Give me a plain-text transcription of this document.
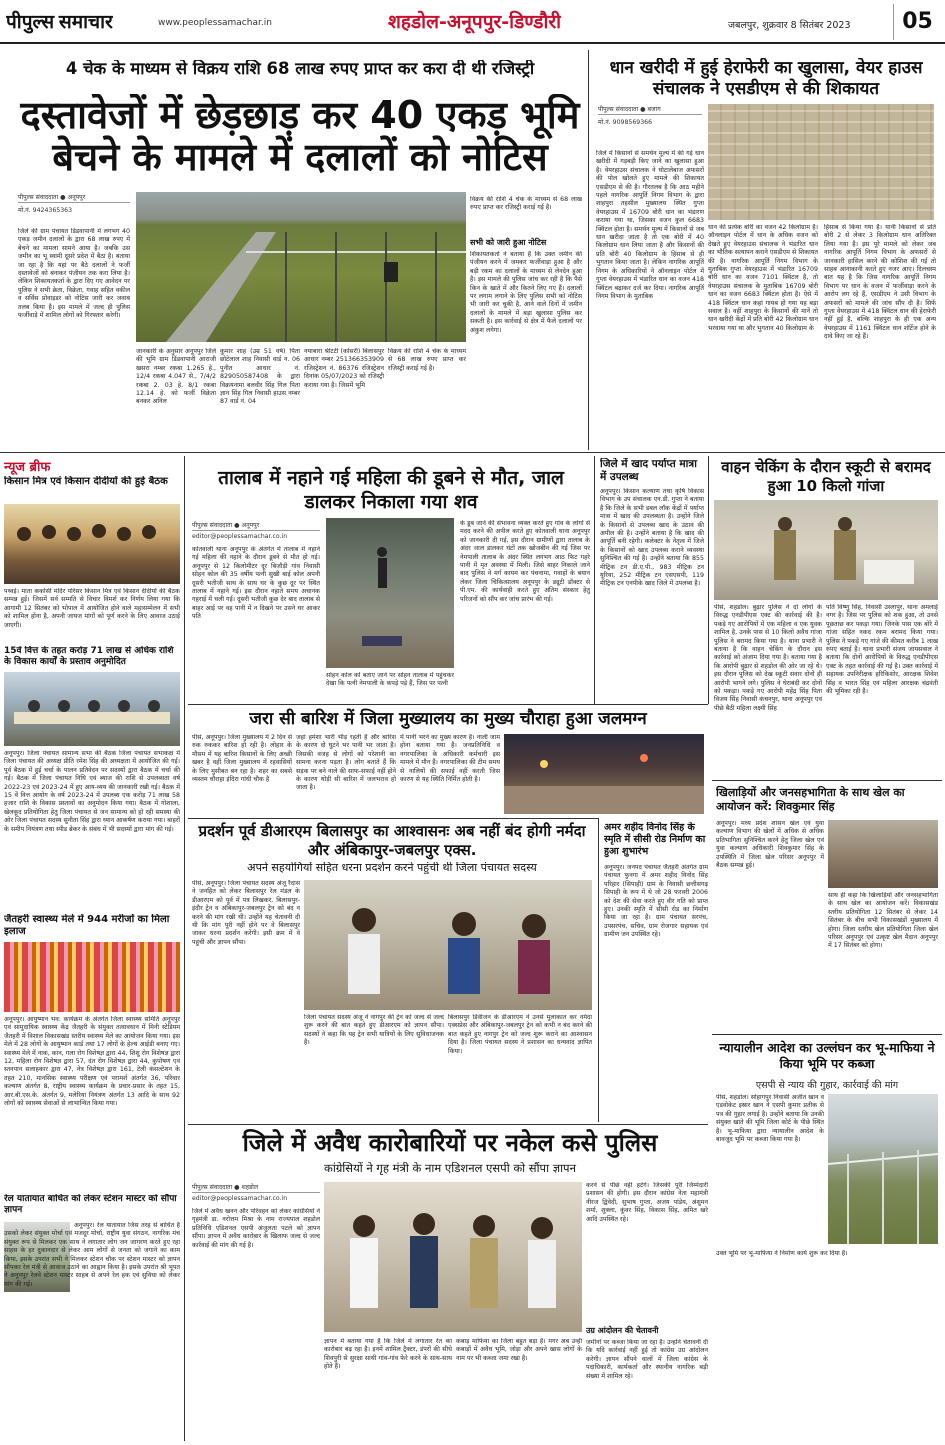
पीपुल्स समाचार	www.peoplessamachar.in	शहडोल-अनूपपुर-डिण्डौरी	जबलपुर, शुक्रवार 8 सितंबर 2023	05
4 चेक के माध्यम से विक्रय राशि 68 लाख रुपए प्राप्त कर करा दी थी रजिस्ट्री
दस्तावेजों में छेड़छाड़ कर 40 एकड़ भूमि बेचने के मामले में दलालों को नोटिस
पीपुल्स संवाददाता ● अनूपपुर
मो.नं. 9424365363
जिले की ग्राम पंचायत डिंडवापानी में लगभग 40 एकड़ जमीन दलालों के द्वारा 68 लाख रुपए में बेचने का मामला सामने आया है। जबकि उस जमीन का भू स्वामी दूसरे प्रदेश में बैठा है। बताया जा रहा है कि यहां पर बैठे दलालों ने फर्जी दस्तावेजों को बनाकर पंजीयन तक करा लिया है। लेकिन शिकायतकर्ता के द्वारा दिए गए आवेदन पर पुलिस ने सभी क्रेता, विक्रेता, गवाह सहित वकील व सर्विस प्रोवाइडर को नोटिस जारी कर जवाब तलब किया है। इस मामले में जल्द ही पुलिस फर्जीवाड़े में शामिल लोगों को गिरफ्तार करेगी।
जानकारी के अनुसार अनूपपुर जिले की भूमि ग्राम डिंडवापानी आराजी खसरा नम्बर रकबा 1.265 हे., 12/4 रकबा 4.047 से., 7/4/2 रकबा 2. 03 हे. 8/1 रकबा 12.14 हे. को फर्जी विक्रेता बनकर अनिल
कुमार शाह (उम्र 51 वर्ष) पिता छोटेलाल शाह निवासी वार्ड न. 06 पुनीत आधार नं. 829050587408 के द्वारा विक्रयनामा बलवीर सिंह गिल पिता ज्ञान सिंह गिल निवासी हाउस नम्बर 87 वार्ड नं. 04
नयाबारा श्रीटर्टी (कोसरी) बिलासपुर आधार नम्बर 251366353909 रजिस्ट्रेशन नं. 86376 रजिस्ट्रेशन दिनांक 05/07/2023 को रजिस्ट्री कराया गया है। जिसमें भूमि
विक्रय की राशि 4 चेक के माध्यम से 68 लाख रुपए प्राप्त कर रजिस्ट्री कराई गई है।
विक्रय की राशि 4 चेक के माध्यम से 68 लाख रुपए प्राप्त कर रजिस्ट्री कराई गई है।
सभी को जारी हुआ नोटिस
शिकायतकर्ता ने बताया है कि उक्त जमीन की पंजीयन करने में जमकर फर्जीवाड़ा हुआ है और बड़ी रकम का दलालों के माध्यम से लेनदेन हुआ है। इस मामले की पुलिस जांच कर रही है कि पैसे किन के खाते में और कितने लिए गए हैं। दलालों पर लगाम लगाने के लिए पुलिस सभी को नोटिस भी जारी कर चुकी है, आने वाले दिनों में जमीन दलालों के मामले में बड़ा खुलासा पुलिस कर सकती है। इस कार्रवाई से क्षेत्र में फैले दलालों पर अंकुश लगेगा।
धान खरीदी में हुई हेराफेरी का खुलासा, वेयर हाउस संचालक ने एसडीएम से की शिकायत
पीपुल्स संवाददाता ● बजाग
मो.नं. 9098569366
जिले में किसानों से समर्थन मूल्य में की गई धान खरीदी में गड़बड़ी किए जाने का खुलासा हुआ है। वेयरहाउस संचालक ने घोटालेबाज अफसरों की पोल खोलते हुए मामले की शिकायत एसडीएम से की है। गौरतलब है कि आठ महीने पहले नागरिक आपूर्ति निगम विभाग के द्वारा शाहपुरा तहसील मुख्यालय स्थित गुप्ता वेयरहाउस में 16709 बोरी धान का भंडारण कराया गया था, जिसका वजन कुल 6683 क्विंटल होता है। समर्थन मूल्य में किसानों से जब धान खरीदा जाता है तो एक बोरी में 40 किलोग्राम धान लिया जाता है और किसानों की प्रति बोरी 40 किलोग्राम के हिसाब से ही भुगतान किया जाता है। लेकिन नागरिक आपूर्ति निगम के अधिकारियों ने ऑनलाइन पोर्टल में गुप्ता वेयरहाउस में भंडारित धान का वजन 418 क्विंटल बढ़ाकर दर्ज कर दिया। नागरिक आपूर्ति निगम विभाग के मुताबिक
धान की प्रत्येक बोरी का वजन 42 किलोग्राम है। ऑनलाइन पोर्टल में धान के अधिक वजन को देखते हुए वेयरहाउस संचालक ने भंडारित धान का भौतिक सत्यापन कराने एसडीएम से शिकायत की है। नागरिक आपूर्ति निगम विभाग के मुताबिक गुप्ता वेयरहाउस में भंडारित 16709 बोरी धान का वजन 7101 क्विंटल है, तो वेयरहाउस संचालक के मुताबिक 16709 बोरी धान का वजन 6683 क्विंटल होता है। ऐसे में 418 क्विंटल धान कहां गायब हो गया यह बड़ा सवाल है। वहीं शाहपुरा के किसानों की मानें तो धान खरीदी केंद्रों में प्रति बोरी 42 किलोग्राम धान भरवाया गया था और भुगतान 40 किलोग्राम के
हिसाब से किया गया है। यानी किसानों से प्रति बोरी 2 से लेकर 3 किलोग्राम धान अतिरिक्त लिया गया है। इस पूरे मामले को लेकर जब नागरिक आपूर्ति निगम विभाग के अफसरों से जानकारी हासिल करने की कोशिश की गई तो साहब आनाकानी करते हुए नजर आए। दिलचस्प बात यह है कि जिस नागरिक आपूर्ति निगम विभाग पर धान के वजन में फर्जीवाड़ा करने के आरोप लग रहे हैं, एसडीएम ने उसी विभाग के अफसरों को मामले की जांच सौंप दी है। सिर्फ गुप्ता वेयरहाउस में 418 क्विंटल धान की हेराफेरी नहीं हुई है, बल्कि शाहपुरा के ही एक अन्य वेयरहाउस में 1161 क्विंटल धान शॉर्टेज होने के दावे किए जा रहे हैं।
न्यूज ब्रीफ
किसान मित्र एवं किसान दीदीयों की हुई बैठक
पथ्वई। माता कर्कासी मंदिर परिसर किसान मित्र एवं किसान दीदीयों की बैठक सम्पन्न हुई। जिसमें सर्व सम्मति से विचार विमर्श कर निर्णय लिया गया कि आगामी 12 सितंबर को भोपाल में आयोजित होने वाले महासम्मेलन में सभी को शामिल होना है, अपनी जायज मांगों को पूर्ण करने के लिए आवाज उठाई जाएगी।
15वें वित्त के तहत करोड़ 71 लाख से अधिक राशि के विकास कार्यों के प्रस्ताव अनुमोदित
अनूपपुर। जिला पंचायत सामान्य सभा की बैठक जिला पंचायत सभाकक्ष में जिला पंचायत की अध्यक्ष प्रीति रमेश सिंह की अध्यक्षता में आयोजित की गई। पूर्व बैठक में हुई चर्चा के पालन प्रतिवेदन पर सदस्यों द्वारा बैठक में चर्चा की गई। बैठक में जिला पंचायत निधि एवं ब्याज की राशि से उपलब्धता वर्ष 2022-23 एवं 2023-24 में हुए आय-व्यय की जानकारी रखी गई। बैठक में 15 वें वित्त आयोग के वर्ष 2023-24 में उपलब्ध एक करोड़ 71 लाख 58 हजार राशि के विकास प्रस्तावों का अनुमोदन किया गया। बैठक में गोशाला, खेलकूद प्रतियोगिता हेतु जिला पंचायत से जन सामान्य को हो रही समस्या की ओर जिला पंचायत सदस्य सुनीता सिंह द्वारा ध्यान आकर्षण कराया गया। बाहरों के समीप नियंत्रण तथा स्पीड ब्रेकर के संबंध में भी सदस्यों द्वारा मांग की गई।
जैतहरी स्वास्थ्य मेले में 944 मरीजों का मिला इलाज
अनूपपुर। आयुष्मान भव: कार्यक्रम के अंतर्गत जिला स्वास्थ्य समिति अनूपपुर एवं सामुदायिक स्वास्थ्य केंद्र जैतहरी के संयुक्त तत्वावधान में मिनी स्टेडियम जैतहरी में विशाल विकासखंड स्तरीय स्वास्थ्य मेले का आयोजन किया गया। इस मेले में 28 लोगों के आयुष्मान कार्ड तथा 17 लोगों के हेल्थ आईडी बनाए गए। स्वास्थ्य मेले में नाक, कान, गला रोग विशेषज्ञ द्वारा 44, शिशु रोग विशेषज्ञ द्वारा 12, महिला रोग विशेषज्ञ द्वारा 57, दंत रोग विशेषज्ञ द्वारा 44, कुपोषण एवं स्तनपान सलाहकार द्वारा 47, नेत्र विशेषज्ञ द्वारा 161, टेली कंसल्टेशन के तहत 210, मानसिक स्वास्थ्य परीक्षण एवं परामर्श अंतर्गत 36, परिवार कल्याण अंतर्गत 8, राष्ट्रीय स्वास्थ्य कार्यक्रम के प्रचार-प्रसार के तहत 15, आर.बी.एस.के. अंतर्गत 9, मलेरिया नियंत्रण अंतर्गत 13 आदि के साथ 92 लोगों को स्वास्थ्य सेवाओं से लाभान्वित किया गया।
रेल यातायात बाधित को लेकर स्टेशन मास्टर को सौंपा ज्ञापन
अनूपपुर। रेल यातायात जिस तरह से बाधित है उसको लेकर संयुक्त मोर्चा एवं मजदूर मोर्चा, राष्ट्रीय युवा संगठन, नागरिक मंच संयुक्त रूप से मिलकर एक साथ ने लगातार लोग जन जागरण करते हुए रहा साहस के हर दुकानदार से लेकर आम लोगों से जनता को जगाने का काम किया, इसके उपरांत सभी ने मिलकर स्टेशन चौक पर स्टेशन मास्टर को ज्ञापन सौंपकर रेल मंत्री से आवाज उठाने का आह्वान किया है। इसके उपरांत श्री भूपत ने अनूपपुर रेलवे स्टेशन मास्टर साहब से अपने रेल हक एवं सुविधा को लेकर मांग की गई।
तालाब में नहाने गई महिला की डूबने से मौत, जाल डालकर निकाला गया शव
पीपुल्स संवाददाता ● अनूपपुर
editor@peoplessamachar.co.in
कोतवाली थाना अनूपपुर के अंतर्गत में तालाब में नहाने गई महिला की नहाने के दौरान डूबने से मौत हो गई। अनूपपुर से 12 किलोमीटर दूर बिजौड़ी गांव निवासी सोहन कोल की 35 वर्षीय पत्नी सुखी बाई कोल अपनी दूसरी भतीजी साथ के साथ घर के कुछ दूर पर स्थित तालाब में नहाने गई। इस दौरान नहाते समय अचानक गहराई में चली गई। दूसरी भतीजी कुछ देर बाद तालाब से बाहर आई पर वह पानी में न दिखने पर उसने घर आकर पति
सोहन कोल को बताए जाने पर सोहन तालाब में पहुंचकर देखा कि पत्नी नेमपाली के कपड़े पड़े हैं, जिस पर पत्नी
के डूब जाने की संभावना व्यक्त करते हुए गांव के लोगों से मदद करने की अपील करते हुए कोतवाली थाना अनूपपुर को जानकारी दी गई, इस दौरान ग्रामीणों द्वारा तालाब के अंदर जाल डालकर घंटों तक खोजबीन की गई जिस पर नेमपाली तालाब के अंदर स्थित लगभग आठ फिट गहरे पानी में मृत अवस्था में मिली। जिसे बाहर निकाले जाने बाद पुलिस ने मर्ग कायम कर पंचनामा, गवाहों के बयान लेकर जिला चिकित्सालय अनूपपुर के ड्यूटी डॉक्टर से पी.एम. की कार्यवाही करते हुए अंतिम संस्कार हेतु परिजनों को सौंप कर जांच प्रारंभ की गई।
जिले में खाद पर्याप्त मात्रा में उपलब्ध
अनूपपुर। किसान कल्याण तथा कृषि विकास विभाग के उप संचालक एन.डी. गुप्ता ने बताया है कि जिले के सभी डबल लॉक केंद्रों में पर्याप्त मात्रा में खाद की उपलब्धता है। उन्होंने जिले के किसानों से उपलब्ध खाद के उठाव की अपील की है। उन्होंने बताया है कि खाद की आपूर्ति बनी रहेगी। कलेक्टर के नेतृत्व में जिले के किसानों को खाद उपलब्ध कराने व्यवस्था सुनिश्चित की गई है। उन्होंने बताया कि 855 मीट्रिक टन डी.ए.पी., 983 मीट्रिक टन यूरिया, 252 मीट्रिक टन एसएसपी, 119 मीट्रिक टन एनपीके खाद जिले में उपलब्ध है।
वाहन चेकिंग के दौरान स्कूटी से बरामद हुआ 10 किलो गांजा
पीसं, शहडोल। बुढ़ार पुलिस ने दो लोगों के विरुद्ध एनडीपीएस एक्ट की कार्रवाई की है। पकड़े गए आरोपियों में एक महिला व एक युवक शामिल है, उनके पास से 10 किलो अवैध गांजा पुलिस ने बरामद किया गया है। थाना प्रभारी ने बताया है कि वाहन चेकिंग के दौरान इस कार्रवाई को अंजाम दिया गया है। बताया गया है कि आरोपी बुढ़ार से शहडोल की ओर जा रहे थे। इस दौरान पुलिस को देख स्कूटी सवार दोनों ही आरोपी भागने लगे। पुलिस ने घेराबंदी कर दोनों को पकड़ा। पकड़े गए आरोपी महेंद्र सिंह पिता विजय सिंह निवासी कंचनपुर, थाना अनूपपुर एवं पीछे बैठी महिला लक्ष्मी सिंह
पति विष्णु सिंह, निवासी उस्लापुर, थाना अमलाई नगर है। जिस पर पुलिस को शक हुआ, तो उनसे पूछताछ कर पकड़ा गया। जिनके पास एक बोरे में गांजा सहित नकद रकम बरामद किया गया। पुलिस ने पकड़े गए गांजे की कीमत करीब 1 लाख रुपए बताई है। थाना प्रभारी संजय जायसवाल ने बताया कि दोनों आरोपियों के विरुद्ध एनडीपीएस एक्ट के तहत कार्रवाई की गई है। उक्त कार्रवाई में सहायक उपनिरीक्षक हरिकिशोर, आरक्षक शिवेश सिंह व भारत सिंह एवं महिला आरक्षक चंद्रवंती की भूमिका रही है।
जरा सी बारिश में जिला मुख्यालय का मुख्य चौराहा हुआ जलमग्न
पीसं, अनूपपुर। जिला मुख्यालय में 2 दिन से रुक रुककर बारिश हो रही है। लोहार के मौसम में यह बारिश किसानों के लिए अच्छी खबर है वहीं जिला मुख्यालय में रहवासियों के लिए मुसीबत बन रहा है। शहर का सबसे व्यस्तम चौराहा इंदिरा गांधी चौक है
जहां हमेशा भारी भीड़ रहती है और बारिश के कारण दो घुटने भर पानी भर जाता है। जिसकी वजह से लोगों को परेशानी का सामना करना पड़ता है। लोग बताते हैं कि सड़क पर बने नाले की साफ-सफाई नहीं होने के कारण थोड़ी सी बारिश में जलभराव हो जाता है।
में पानी भरने का मुख्य कारण है। नाली जाम होना बताया गया है। जनप्रतिनिधि व नगरपालिका के अधिकारी कर्मचारी इस मामले में मौन हैं। नगरपालिका की टीम समय से नालियों की सफाई नहीं करती जिस कारण से यह स्थिति निर्मित होती है।
प्रदर्शन पूर्व डीआरएम बिलासपुर का आश्वासनः अब नहीं बंद होगी नर्मदा और अंबिकापुर-जबलपुर एक्स.
अपने सहयोगियों सहित धरना प्रदर्शन करने पहुंची थी जिला पंचायत सदस्य
पीसं, अनूपपुर। जिला पंचायत सदस्य अंजू रैदास ने जनहित को लेकर बिलासपुर रेल मंडल के डीआरएम को पूर्व में पत्र लिखकर, बिलासपुर-इंदौर ट्रेन व अंबिकापुर-जबलपुर ट्रेन को बंद न करने की मांग रखी थी। उन्होंने यह चेतावनी दी थी कि मांग पूरी नहीं होने पर वे बिलासपुर जाकर धरना प्रदर्शन करेंगी। इसी क्रम में वे पहुंची और ज्ञापन सौंपा।
जिला पंचायत सदस्य अंजू ने नागपुर की ट्रेन को जल्द से जल्द शुरू करने की बात कहते हुए डीआरएम को ज्ञापन सौंपा। सदस्यों ने कहा कि यह ट्रेन सभी यात्रियों के लिए सुविधाजनक है।
बिलासपुर डिवीजन के डीआरएम ने उनसे मुलाकात कर नर्मदा एक्सप्रेस और अंबिकापुर-जबलपुर ट्रेन को कभी न बंद करने की बात कहते हुए नागपुर ट्रेन को जल्द शुरू कराने का आश्वासन दिया है। जिला पंचायत सदस्य ने प्रशासन का धन्यवाद ज्ञापित किया।
अमर शहीद विनोद सिंह के स्मृति में सीसी रोड निर्माण का हुआ शुभारंभ
अनूपपुर। जनपद पंचायत जैतहरी अंतर्गत ग्राम पंचायत फुनगा में अमर शहीद विनोद सिंह परिहार (सिपाही) ग्राम के निवासी छत्तीसगढ़ सिपाही के रूप में थे जो 28 फरवरी 2006 को देश की सेवा करते हुए वीर गति को प्राप्त हुए। उनकी स्मृति में सीसी रोड का निर्माण किया जा रहा है। ग्राम पंचायत सरपंच, उपसरपंच, सचिव, ग्राम रोजगार सहायक एवं ग्रामीण जन उपस्थित रहे।
खिलाड़ियों और जनसहभागिता के साथ खेल का आयोजन करें: शिवकुमार सिंह
अनूपपुर। मध्य प्रदेश शासन खेल एवं युवा कल्याण विभाग की खेलों में अधिक से अधिक प्रतिभागिता सुनिश्चित करने हेतु जिला खेल एवं युवा कल्याण अधिकारी शिवकुमार सिंह के उपस्थिति में जिला खेल परिसर अनूपपुर में बैठक सम्पन्न हुई।
साथ ही कहा कि खिलाड़ियों और जनसहभागिता के साथ खेल का आयोजन करें। विकासखंड स्तरीय प्रतियोगिता 12 सितंबर से लेकर 14 सितंबर के बीच सभी विकासखंडों मुख्यालय में होगा। जिला स्तरीय खेल प्रतियोगिता जिला खेल परिसर अनूपपुर एवं उत्कृष्ट खेल मैदान अनूपपुर में 17 सितंबर को होगा।
न्यायालीन आदेश का उल्लंघन कर भू-माफिया ने किया भूमि पर कब्जा
एसपी से न्याय की गुहार, कार्रवाई की मांग
पीसं, शहडोल। सोहागपुर निवासी अजीत खान व एडवोकेट इस्रार खान ने एसपी कुमार प्रतीक से पत्र की गुहार लगाई है। उन्होंने बताया कि उनकी संयुक्त खाते की भूमि जिला कोर्ट के पीछे स्थित है। भू-माफिया द्वारा न्यायालीन आदेश के बावजूद भूमि पर कब्जा किया गया है।
उक्त भूमि पर भू-माफिया ने निर्माण कार्य शुरू कर दिया है।
जिले में अवैध कारोबारियों पर नकेल कसे पुलिस
कांग्रेसियों ने गृह मंत्री के नाम एडिशनल एसपी को सौंपा ज्ञापन
पीपुल्स संवाददाता ● शहडोल
editor@peoplessamachar.co.in
जिले में अवैध खनन और परिवहन को लेकर कांग्रेसियों ने गृहमंत्री डा. नरोत्तम मिश्रा के नाम राज्यपाल शहडोल प्रतिनिधि एडिशनल एसपी अंजुलता पटले को ज्ञापन सौंपा। ज्ञापन में अवैध कारोबार के खिलाफ जल्द से जल्द कार्रवाई की मांग की गई है।
ज्ञापन में बताया गया है कि जिले में लगातार रेत का कारोबार बढ़ रहा है। इनमें शामिल ट्रैक्टर, डंपरों की सीधे शिवपुरी से सुरक्षा साथी गांव-गांव फेरे करने के साथ-साथ होते हैं।
कबाड़ माफिया का जिला बहुत बड़ा है। मगर अब उन्हीं कबाड़ों में अवैध भूमि, जोड़ा और अपने खास लोगों के नाम पर भी कब्जा जमा रखा है।
करने से पीछे नहीं हटेंगे। जिसकी पूरी जिम्मेदारी प्रशासन की होगी। इस दौरान कांग्रेस नेता महामंत्री नीरज द्विवेदी, सुभाष गुप्ता, अजय पांडेय, अंशुमन शर्मा, शुक्ला, कुंवर सिंह, विकास सिंह, अमित खरे आदि उपस्थित रहे।
उग्र आंदोलन की चेतावनी
जमीनों पर कब्जा किया जा रहा है। उन्होंने चेतावनी दी कि यदि कार्रवाई नहीं हुई तो कांग्रेस उग्र आंदोलन करेगी। ज्ञापन सौंपने वालों में जिला कांग्रेस के पदाधिकारी, कार्यकर्ता और स्थानीय नागरिक बड़ी संख्या में शामिल रहे।
